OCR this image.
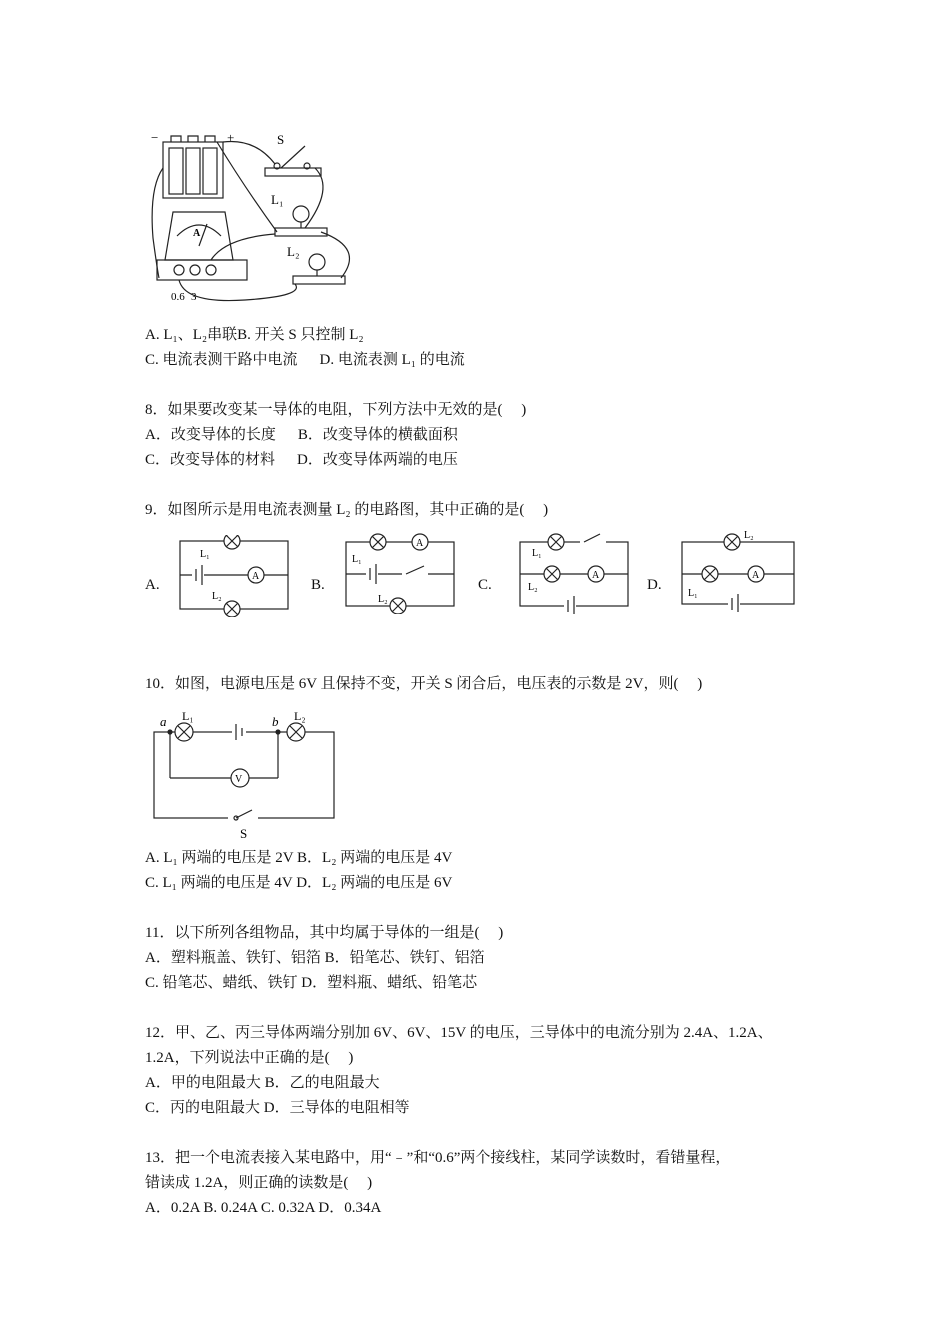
−	+	S
L₁
L₂
A
0.6 3
A. L₁、L₂串联B. 开关 S 只控制 L₂
C. 电流表测干路中电流 D. 电流表测 L₁ 的电流
8．如果要改变某一导体的电阻，下列方法中无效的是(　 )
A．改变导体的长度 B．改变导体的横截面积
C．改变导体的材料 D．改变导体两端的电压
9．如图所示是用电流表测量 L₂ 的电路图，其中正确的是(　 )
A.
A
L₁
L₂
B.
A
L₁
L₂
C.
A
L₁
L₂	D.
A
L₂
L₁
10．如图，电源电压是 6V 且保持不变，开关 S 闭合后，电压表的示数是 2V，则(　 )
a	b
L₁	L₂
V
S
A. L₁ 两端的电压是 2V B．L₂ 两端的电压是 4V
C. L₁ 两端的电压是 4V D．L₂ 两端的电压是 6V
11．以下所列各组物品，其中均属于导体的一组是(　 )
A．塑料瓶盖、铁钉、铝箔 B．铅笔芯、铁钉、铝箔
C. 铅笔芯、蜡纸、铁钉 D．塑料瓶、蜡纸、铅笔芯
12．甲、乙、丙三导体两端分别加 6V、6V、15V 的电压，三导体中的电流分别为 2.4A、1.2A、
1.2A，下列说法中正确的是(　 )
A．甲的电阻最大 B．乙的电阻最大
C．丙的电阻最大 D．三导体的电阻相等
13．把一个电流表接入某电路中，用“﹣”和“0.6”两个接线柱，某同学读数时，看错量程，
错读成 1.2A，则正确的读数是(　 )
A．0.2A B. 0.24A C. 0.32A D．0.34A
